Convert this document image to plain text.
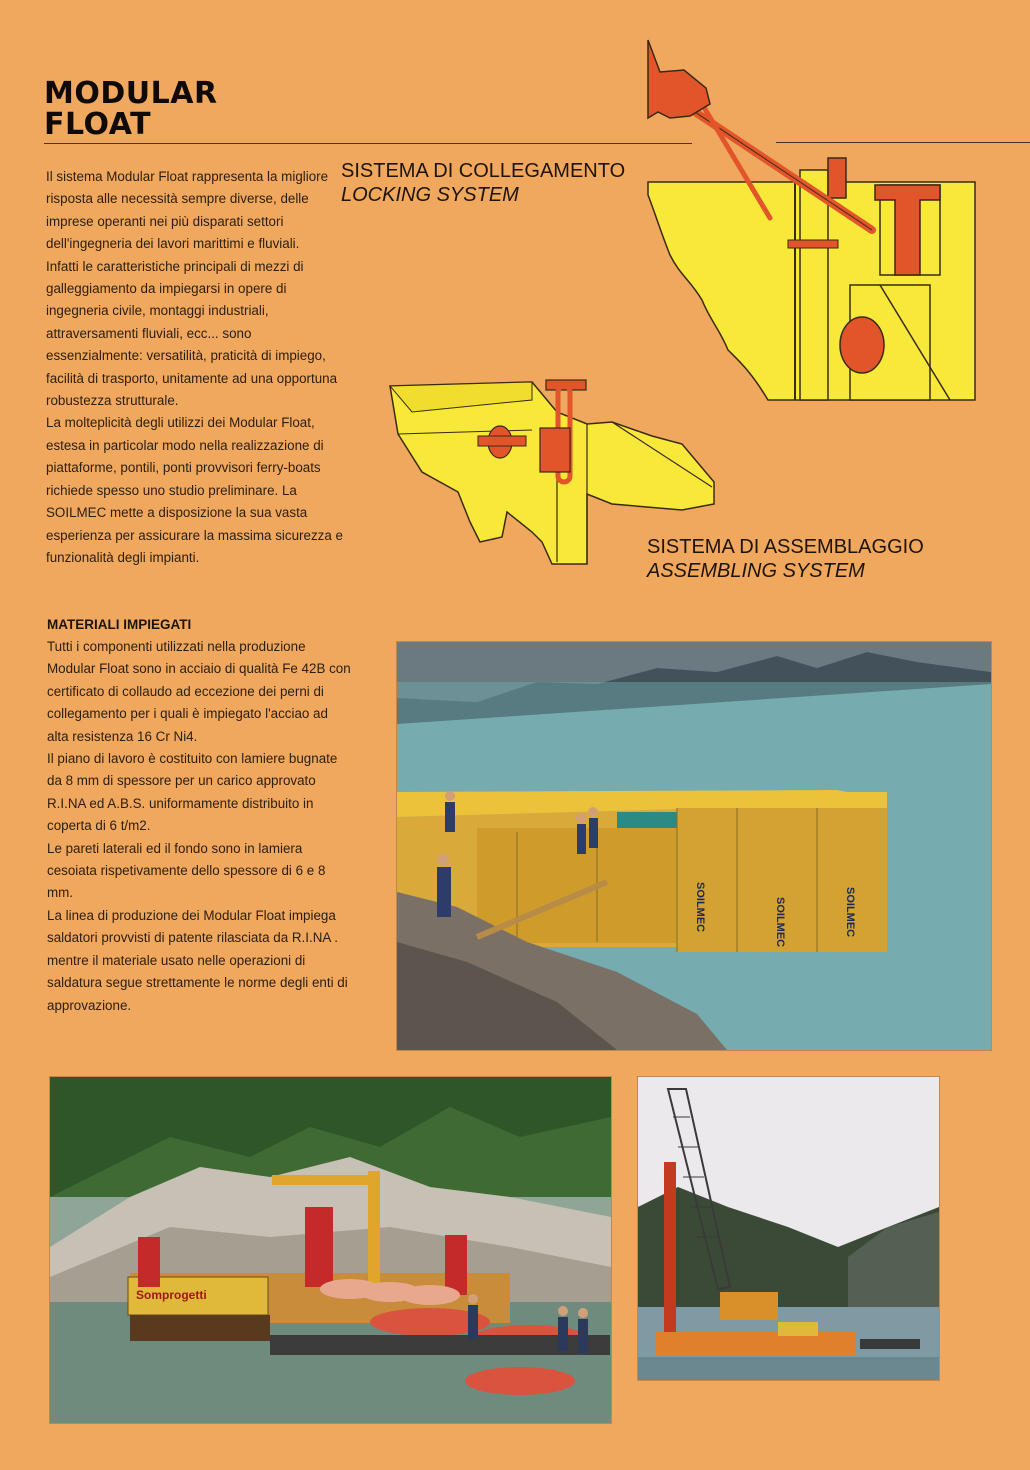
MODULAR
FLOAT

Il sistema Modular Float rappresenta la migliore risposta alle necessità sempre diverse, delle imprese operanti nei più disparati settori dell'ingegneria dei lavori marittimi e fluviali.

Infatti le caratteristiche principali di mezzi di galleggiamento da impiegarsi in opere di ingegneria civile, montaggi industriali, attraversamenti fluviali, ecc... sono essenzialmente: versatilità, praticità di impiego, facilità di trasporto, unitamente ad una opportuna robustezza strutturale.

La molteplicità degli utilizzi dei Modular Float, estesa in particolar modo nella realizzazione di piattaforme, pontili, ponti provvisori ferry-boats richiede spesso uno studio preliminare. La SOILMEC mette a disposizione la sua vasta esperienza per assicurare la massima sicurezza e funzionalità degli impianti.

MATERIALI IMPIEGATI

Tutti i componenti utilizzati nella produzione Modular Float sono in acciaio di qualità Fe 42B con certificato di collaudo ad eccezione dei perni di collegamento per i quali è impiegato l'acciao ad alta resistenza 16 Cr Ni4.

Il piano di lavoro è costituito con lamiere bugnate da 8 mm di spessore per un carico approvato R.I.NA ed A.B.S. uniformamente distribuito in coperta di 6 t/m2.

Le pareti laterali ed il fondo sono in lamiera cesoiata rispetivamente dello spessore di 6 e 8 mm.

La linea di produzione dei Modular Float impiega saldatori provvisti di patente rilasciata da R.I.NA . mentre il materiale usato nelle operazioni di saldatura segue strettamente le norme degli enti di approvazione.

SISTEMA DI COLLEGAMENTO
LOCKING SYSTEM
SISTEMA DI ASSEMBLAGGIO
ASSEMBLING SYSTEM
SOILMEC	SOILMEC	SOILMEC
Somprogetti
